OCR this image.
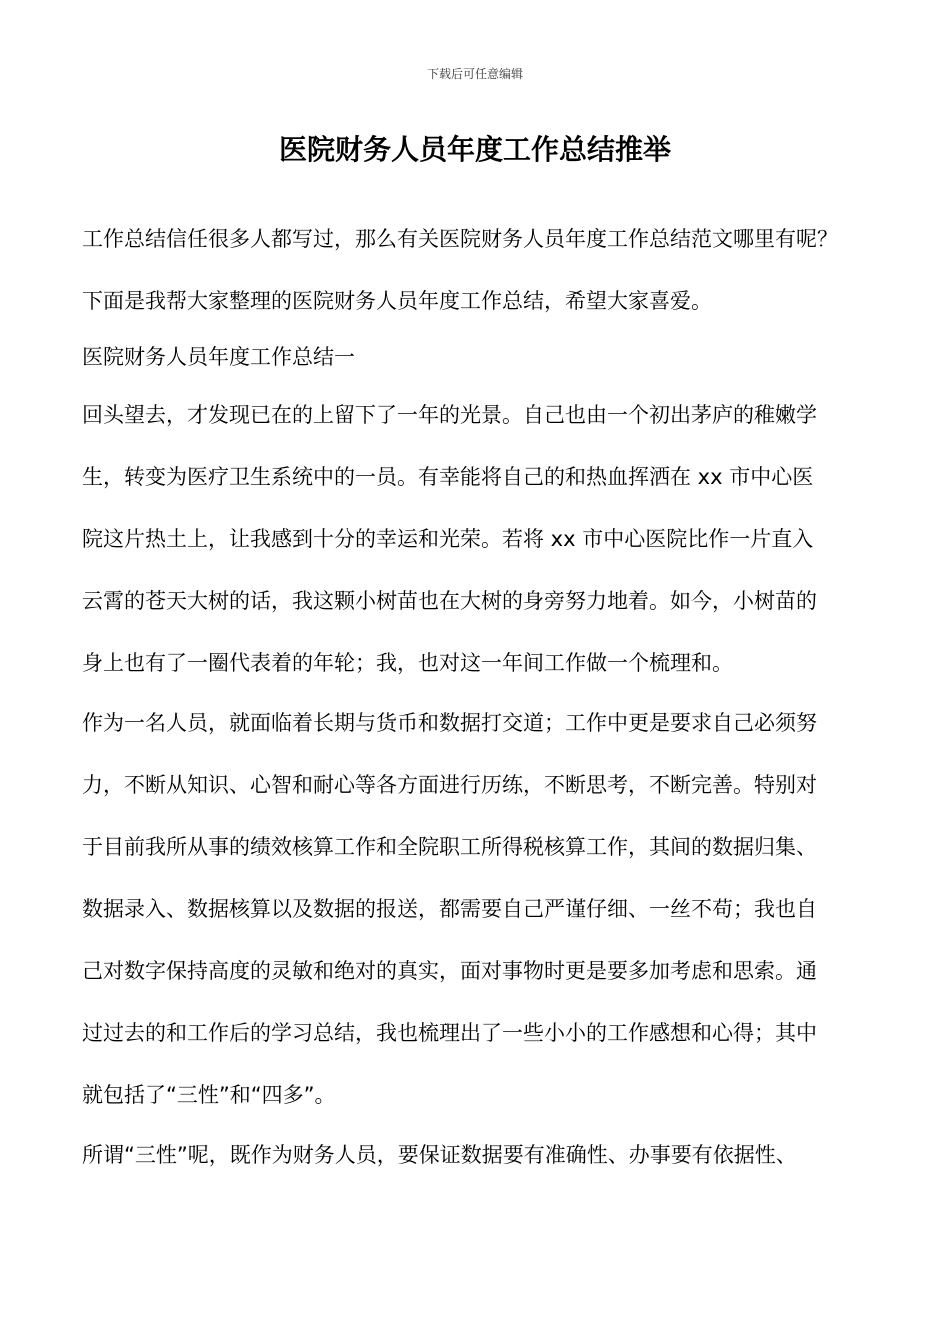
下载后可任意编辑
医院财务人员年度工作总结推举
工作总结信任很多人都写过，那么有关医院财务人员年度工作总结范文哪里有呢？
下面是我帮大家整理的医院财务人员年度工作总结，希望大家喜爱。
医院财务人员年度工作总结一
回头望去，才发现已在的上留下了一年的光景。自己也由一个初出茅庐的稚嫩学
生，转变为医疗卫生系统中的一员。有幸能将自己的和热血挥洒在 xx 市中心医
院这片热土上，让我感到十分的幸运和光荣。若将 xx 市中心医院比作一片直入
云霄的苍天大树的话，我这颗小树苗也在大树的身旁努力地着。如今，小树苗的
身上也有了一圈代表着的年轮；我，也对这一年间工作做一个梳理和。
作为一名人员，就面临着长期与货币和数据打交道；工作中更是要求自己必须努
力，不断从知识、心智和耐心等各方面进行历练，不断思考，不断完善。特别对
于目前我所从事的绩效核算工作和全院职工所得税核算工作，其间的数据归集、
数据录入、数据核算以及数据的报送，都需要自己严谨仔细、一丝不苟；我也自
己对数字保持高度的灵敏和绝对的真实，面对事物时更是要多加考虑和思索。通
过过去的和工作后的学习总结，我也梳理出了一些小小的工作感想和心得；其中
就包括了“三性”和“四多”。
所谓“三性”呢，既作为财务人员，要保证数据要有准确性、办事要有依据性、
